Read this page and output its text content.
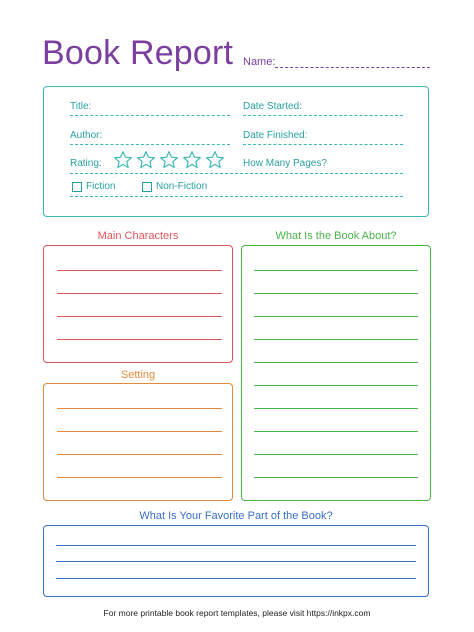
Book Report Name:
Title:	Date Started:
Author:	Date Finished:
Rating:	How Many Pages?
Fiction	Non-Fiction
Main Characters
Setting
What Is the Book About?
What Is Your Favorite Part of the Book?
For more printable book report templates, please visit https://inkpx.com
